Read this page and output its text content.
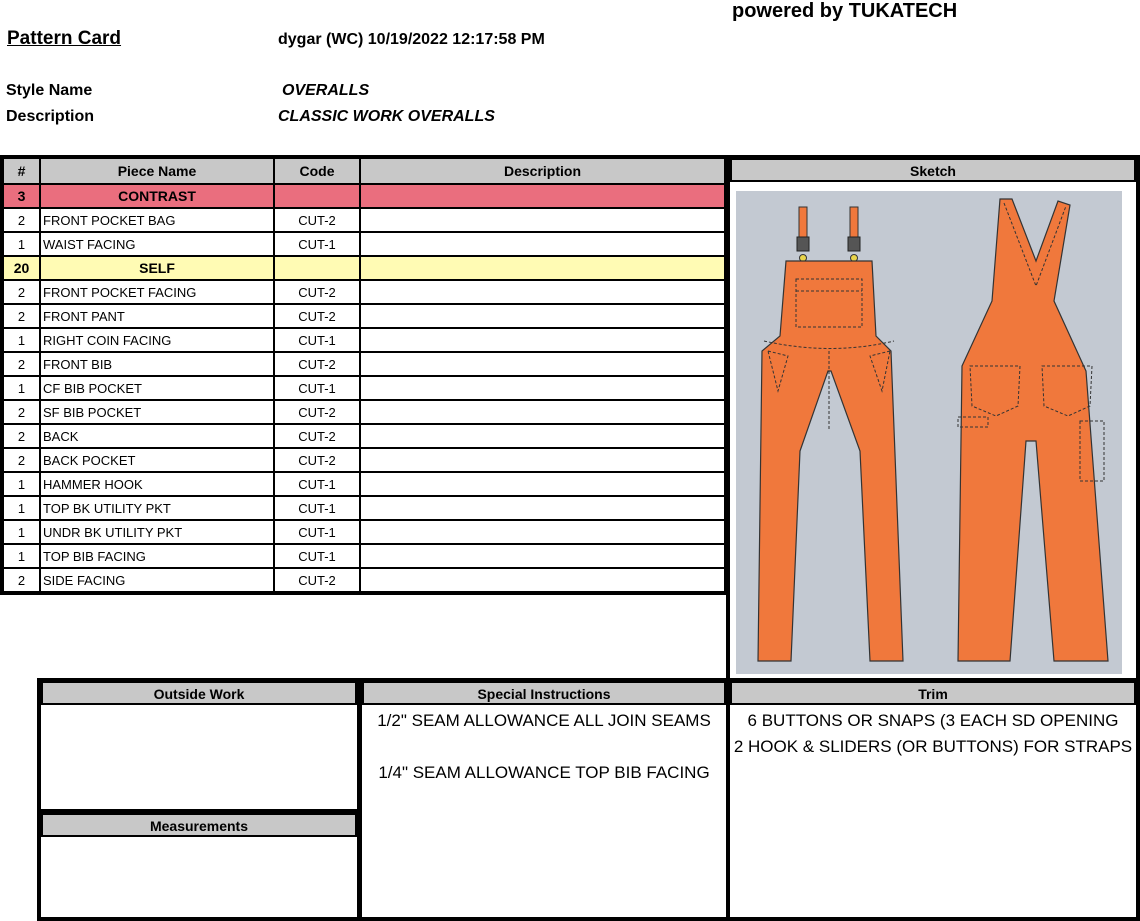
powered by TUKATECH
Pattern Card	dygar (WC) 10/19/2022 12:17:58 PM
Style Name	OVERALLS
Description	CLASSIC WORK OVERALLS
#	Piece Name	Code	Description
3	CONTRAST		
2	FRONT POCKET BAG	CUT-2	
1	WAIST FACING	CUT-1	
20	SELF		
2	FRONT POCKET FACING	CUT-2	
2	FRONT PANT	CUT-2	
1	RIGHT COIN FACING	CUT-1	
2	FRONT BIB	CUT-2	
1	CF BIB POCKET	CUT-1	
2	SF BIB POCKET	CUT-2	
2	BACK	CUT-2	
2	BACK POCKET	CUT-2	
1	HAMMER HOOK	CUT-1	
1	TOP BK UTILITY PKT	CUT-1	
1	UNDR BK UTILITY PKT	CUT-1	
1	TOP BIB FACING	CUT-1	
2	SIDE FACING	CUT-2	
Sketch
Outside Work
Measurements
Special Instructions
1/2" SEAM ALLOWANCE ALL JOIN SEAMS
1/4" SEAM ALLOWANCE TOP BIB FACING
Trim
6 BUTTONS OR SNAPS (3 EACH SD OPENING
2 HOOK & SLIDERS (OR BUTTONS) FOR STRAPS
